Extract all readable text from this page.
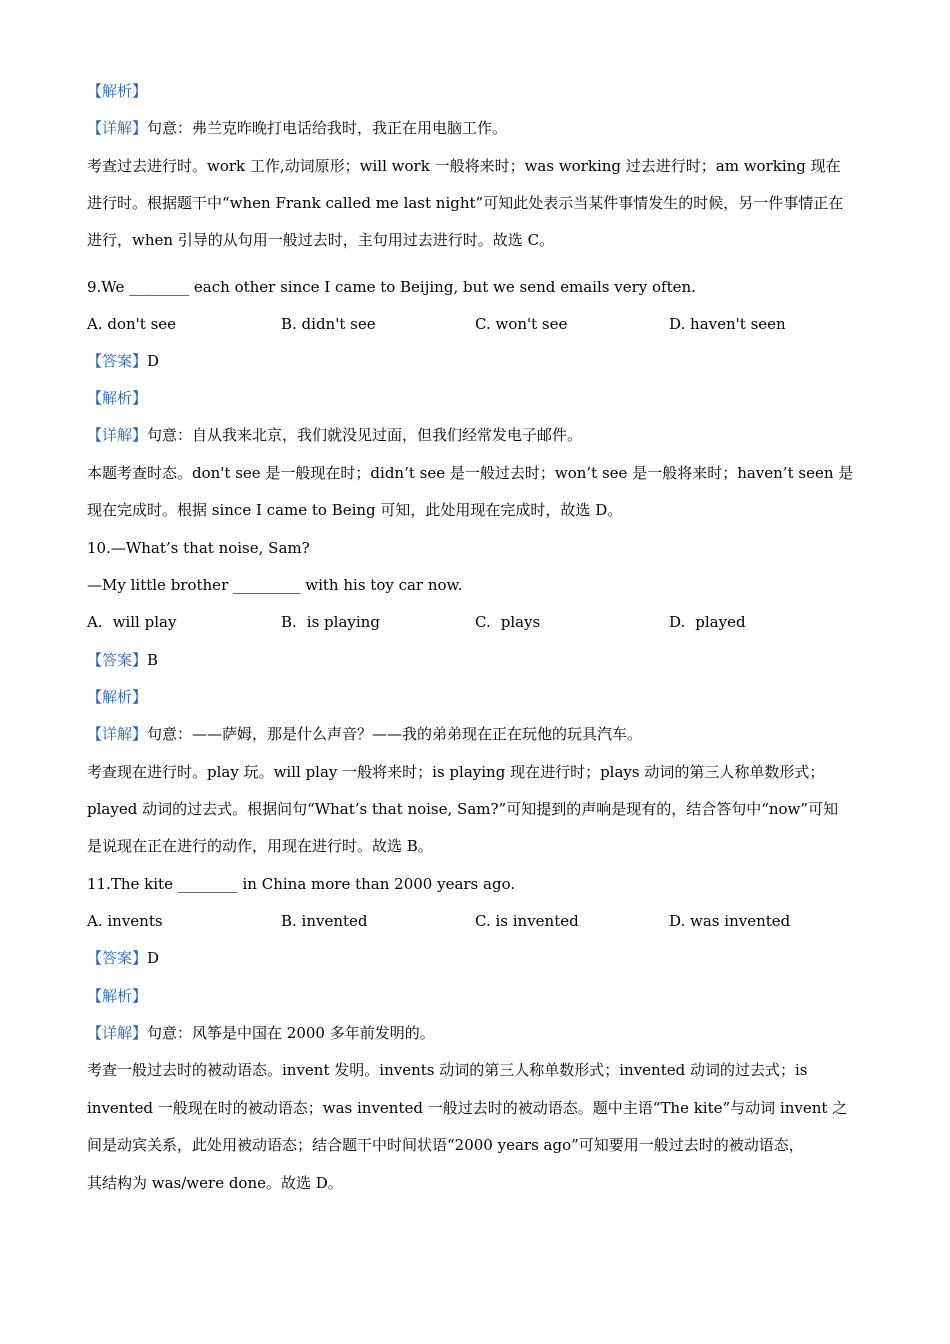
【解析】
【详解】句意：弗兰克昨晚打电话给我时，我正在用电脑工作。
考查过去进行时。work 工作,动词原形；will work 一般将来时；was working 过去进行时；am working 现在
进行时。根据题干中“when Frank called me last night”可知此处表示当某件事情发生的时候，另一件事情正在
进行，when 引导的从句用一般过去时，主句用过去进行时。故选 C。
9.We ________ each other since I came to Beijing, but we send emails very often.
A. don't see	B. didn't see	C. won't see	D. haven't seen
【答案】D
【解析】
【详解】句意：自从我来北京，我们就没见过面，但我们经常发电子邮件。
本题考查时态。don't see 是一般现在时；didn’t see 是一般过去时；won’t see 是一般将来时；haven’t seen 是
现在完成时。根据 since I came to Being 可知，此处用现在完成时，故选 D。
10.—What’s that noise, Sam?
—My little brother _________ with his toy car now.
A. will play	B. is playing	C. plays	D. played
【答案】B
【解析】
【详解】句意：——萨姆，那是什么声音？——我的弟弟现在正在玩他的玩具汽车。
考查现在进行时。play 玩。will play 一般将来时；is playing 现在进行时；plays 动词的第三人称单数形式；
played 动词的过去式。根据问句“What’s that noise, Sam?”可知提到的声响是现有的，结合答句中“now”可知
是说现在正在进行的动作，用现在进行时。故选 B。
11.The kite ________ in China more than 2000 years ago.
A. invents	B. invented	C. is invented	D. was invented
【答案】D
【解析】
【详解】句意：风筝是中国在 2000 多年前发明的。
考查一般过去时的被动语态。invent 发明。invents 动词的第三人称单数形式；invented 动词的过去式；is
invented 一般现在时的被动语态；was invented 一般过去时的被动语态。题中主语“The kite”与动词 invent 之
间是动宾关系，此处用被动语态；结合题干中时间状语“2000 years ago”可知要用一般过去时的被动语态，
其结构为 was/were done。故选 D。
